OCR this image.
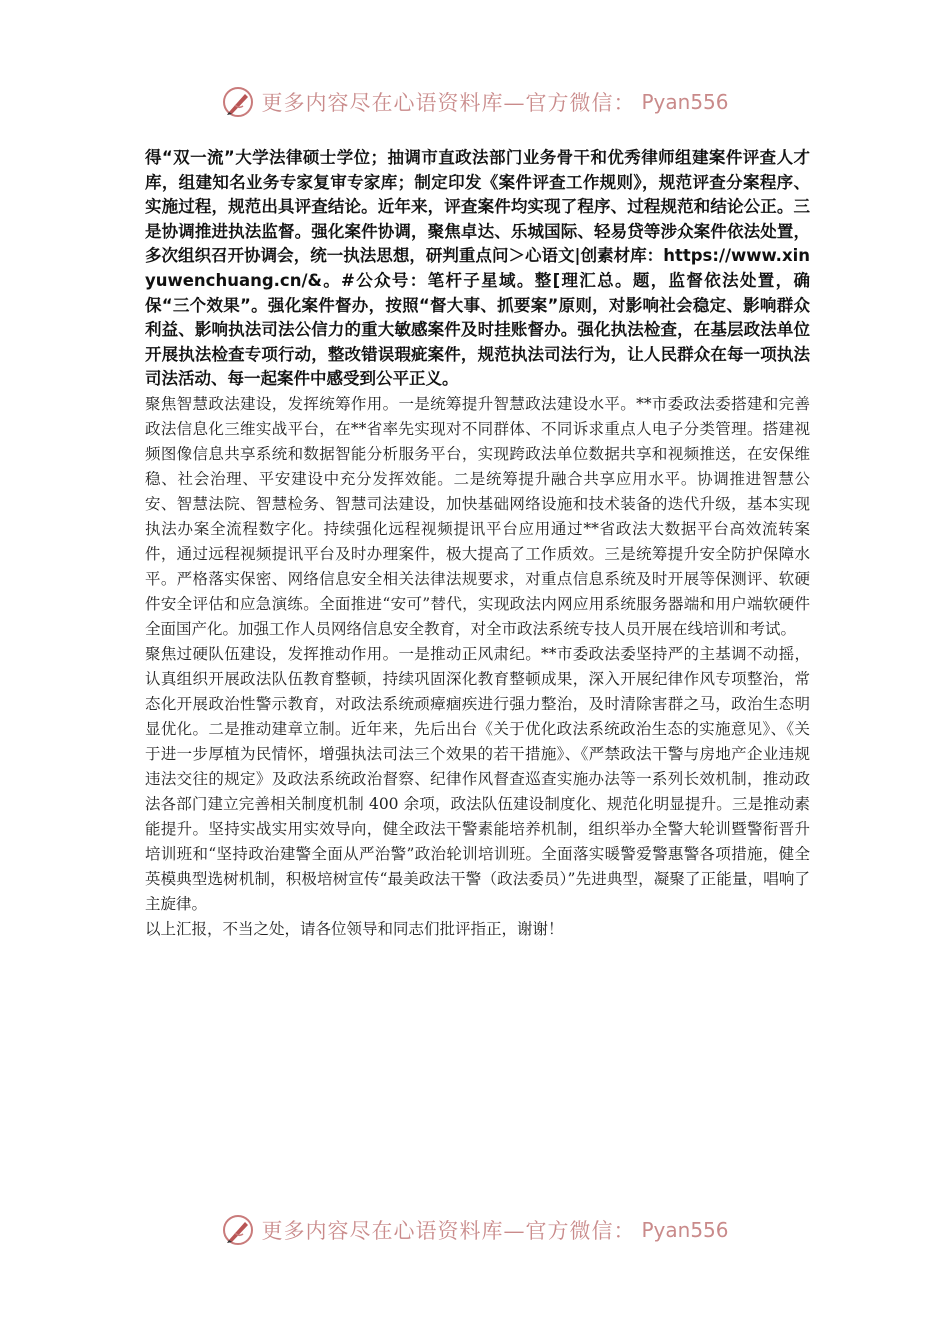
更多内容尽在心语资料库—官方微信： Pyan556

得“双一流”大学法律硕士学位；抽调市直政法部门业务骨干和优秀律师组建案件评查人才库，组建知名业务专家复审专家库；制定印发《案件评查工作规则》，规范评查分案程序、实施过程，规范出具评查结论。近年来，评查案件均实现了程序、过程规范和结论公正。三是协调推进执法监督。强化案件协调，聚焦卓达、乐城国际、轻易贷等涉众案件依法处置，多次组织召开协调会，统一执法思想，研判重点问＞心语文|创素材库：https://www.xinyuwenchuang.cn/&。#公众号：笔杆子星域。整[理汇总。题，监督依法处置，确保“三个效果”。强化案件督办，按照“督大事、抓要案”原则，对影响社会稳定、影响群众利益、影响执法司法公信力的重大敏感案件及时挂账督办。强化执法检查，在基层政法单位开展执法检查专项行动，整改错误瑕疵案件，规范执法司法行为，让人民群众在每一项执法司法活动、每一起案件中感受到公平正义。

聚焦智慧政法建设，发挥统筹作用。一是统筹提升智慧政法建设水平。**市委政法委搭建和完善政法信息化三维实战平台，在**省率先实现对不同群体、不同诉求重点人电子分类管理。搭建视频图像信息共享系统和数据智能分析服务平台，实现跨政法单位数据共享和视频推送，在安保维稳、社会治理、平安建设中充分发挥效能。二是统筹提升融合共享应用水平。协调推进智慧公安、智慧法院、智慧检务、智慧司法建设，加快基础网络设施和技术装备的迭代升级，基本实现执法办案全流程数字化。持续强化远程视频提讯平台应用通过**省政法大数据平台高效流转案件，通过远程视频提讯平台及时办理案件，极大提高了工作质效。三是统筹提升安全防护保障水平。严格落实保密、网络信息安全相关法律法规要求，对重点信息系统及时开展等保测评、软硬件安全评估和应急演练。全面推进“安可”替代，实现政法内网应用系统服务器端和用户端软硬件全面国产化。加强工作人员网络信息安全教育，对全市政法系统专技人员开展在线培训和考试。

聚焦过硬队伍建设，发挥推动作用。一是推动正风肃纪。**市委政法委坚持严的主基调不动摇，认真组织开展政法队伍教育整顿，持续巩固深化教育整顿成果，深入开展纪律作风专项整治，常态化开展政治性警示教育，对政法系统顽瘴痼疾进行强力整治，及时清除害群之马，政治生态明显优化。二是推动建章立制。近年来，先后出台《关于优化政法系统政治生态的实施意见》、《关于进一步厚植为民情怀，增强执法司法三个效果的若干措施》、《严禁政法干警与房地产企业违规违法交往的规定》及政法系统政治督察、纪律作风督查巡查实施办法等一系列长效机制，推动政法各部门建立完善相关制度机制 400 余项，政法队伍建设制度化、规范化明显提升。三是推动素能提升。坚持实战实用实效导向，健全政法干警素能培养机制，组织举办全警大轮训暨警衔晋升培训班和“坚持政治建警全面从严治警”政治轮训培训班。全面落实暖警爱警惠警各项措施，健全英模典型选树机制，积极培树宣传“最美政法干警（政法委员）”先进典型，凝聚了正能量，唱响了主旋律。

以上汇报，不当之处，请各位领导和同志们批评指正，谢谢！

更多内容尽在心语资料库—官方微信： Pyan556
